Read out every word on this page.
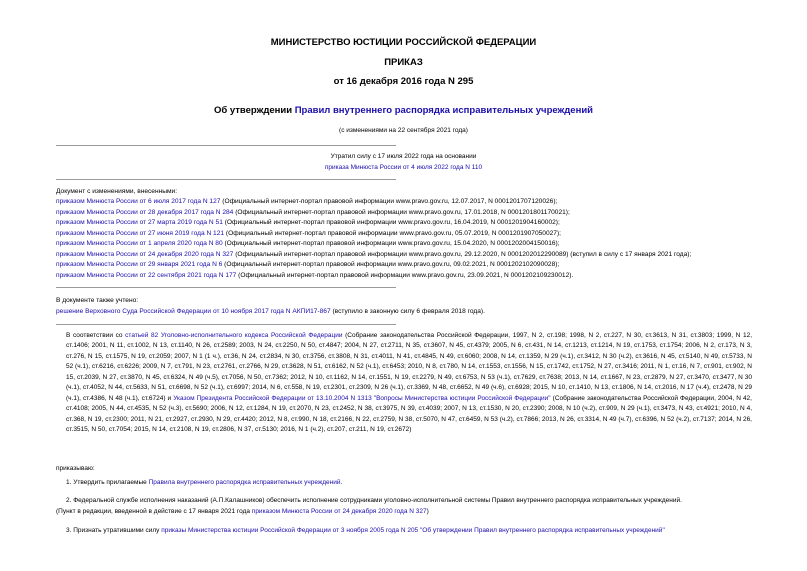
МИНИСТЕРСТВО ЮСТИЦИИ РОССИЙСКОЙ ФЕДЕРАЦИИ
ПРИКАЗ
от 16 декабря 2016 года N 295
Об утверждении Правил внутреннего распорядка исправительных учреждений
(с изменениями на 22 сентября 2021 года)
Утратил силу с 17 июля 2022 года на основании
приказа Минюста России от 4 июля 2022 года N 110
Документ с изменениями, внесенными:
приказом Минюста России от 6 июля 2017 года N 127 (Официальный интернет-портал правовой информации www.pravo.gov.ru, 12.07.2017, N 0001201707120026);
приказом Минюста России от 28 декабря 2017 года N 284 (Официальный интернет-портал правовой информации www.pravo.gov.ru, 17.01.2018, N 0001201801170021);
приказом Минюста России от 27 марта 2019 года N 51 (Официальный интернет-портал правовой информации www.pravo.gov.ru, 16.04.2019, N 0001201904160002);
приказом Минюста России от 27 июня 2019 года N 121 (Официальный интернет-портал правовой информации www.pravo.gov.ru, 05.07.2019, N 0001201907050027);
приказом Минюста России от 1 апреля 2020 года N 80 (Официальный интернет-портал правовой информации www.pravo.gov.ru, 15.04.2020, N 0001202004150016);
приказом Минюста России от 24 декабря 2020 года N 327 (Официальный интернет-портал правовой информации www.pravo.gov.ru, 29.12.2020, N 0001202012290089) (вступил в силу с 17 января 2021 года);
приказом Минюста России от 29 января 2021 года N 6 (Официальный интернет-портал правовой информации www.pravo.gov.ru, 09.02.2021, N 0001202102090028);
приказом Минюста России от 22 сентября 2021 года N 177 (Официальный интернет-портал правовой информации www.pravo.gov.ru, 23.09.2021, N 0001202109230012).
В документе также учтено:
решение Верховного Суда Российской Федерации от 10 ноября 2017 года N АКПИ17-867 (вступило в законную силу 6 февраля 2018 года).
В соответствии со статьей 82 Уголовно-исполнительного кодекса Российской Федерации (Собрание законодательства Российской Федерации, 1997, N 2, ст.198; 1998, N 2, ст.227, N 30, ст.3613, N 31, ст.3803; 1999, N 12, ст.1406; 2001, N 11, ст.1002, N 13, ст.1140, N 26, ст.2589; 2003, N 24, ст.2250, N 50, ст.4847; 2004, N 27, ст.2711, N 35, ст.3607, N 45, ст.4379; 2005, N 6, ст.431, N 14, ст.1213, ст.1214, N 19, ст.1753, ст.1754; 2006, N 2, ст.173, N 3, ст.276, N 15, ст.1575, N 19, ст.2059; 2007, N 1 (1 ч.), ст.36, N 24, ст.2834, N 30, ст.3756, ст.3808, N 31, ст.4011, N 41, ст.4845, N 49, ст.6060; 2008, N 14, ст.1359, N 29 (ч.1), ст.3412, N 30 (ч.2), ст.3616, N 45, ст.5140, N 49, ст.5733, N 52 (ч.1), ст.6216, ст.6226; 2009, N 7, ст.791, N 23, ст.2761, ст.2766, N 29, ст.3628, N 51, ст.6162, N 52 (ч.1), ст.6453; 2010, N 8, ст.780, N 14, ст.1553, ст.1556, N 15, ст.1742, ст.1752, N 27, ст.3416; 2011, N 1, ст.16, N 7, ст.901, ст.902, N 15, ст.2039, N 27, ст.3870, N 45, ст.6324, N 49 (ч.5), ст.7056, N 50, ст.7362; 2012, N 10, ст.1162, N 14, ст.1551, N 19, ст.2279, N 49, ст.6753, N 53 (ч.1), ст.7629, ст.7638; 2013, N 14, ст.1667, N 23, ст.2879, N 27, ст.3470, ст.3477, N 30 (ч.1), ст.4052, N 44, ст.5633, N 51, ст.6698, N 52 (ч.1), ст.6997; 2014, N 6, ст.558, N 19, ст.2301, ст.2309, N 26 (ч.1), ст.3369, N 48, ст.6652, N 49 (ч.6), ст.6928; 2015, N 10, ст.1410, N 13, ст.1806, N 14, ст.2016, N 17 (ч.4), ст.2478, N 29 (ч.1), ст.4386, N 48 (ч.1), ст.6724) и Указом Президента Российской Федерации от 13.10.2004 N 1313 "Вопросы Министерства юстиции Российской Федерации" (Собрание законодательства Российской Федерации, 2004, N 42, ст.4108; 2005, N 44, ст.4535, N 52 (ч.3), ст.5690; 2006, N 12, ст.1284, N 19, ст.2070, N 23, ст.2452, N 38, ст.3975, N 39, ст.4039; 2007, N 13, ст.1530, N 20, ст.2390; 2008, N 10 (ч.2), ст.909, N 29 (ч.1), ст.3473, N 43, ст.4921; 2010, N 4, ст.368, N 19, ст.2300; 2011, N 21, ст.2927, ст.2930, N 29, ст.4420; 2012, N 8, ст.990, N 18, ст.2166, N 22, ст.2759, N 38, ст.5070, N 47, ст.6459, N 53 (ч.2), ст.7866; 2013, N 26, ст.3314, N 49 (ч.7), ст.6396, N 52 (ч.2), ст.7137; 2014, N 26, ст.3515, N 50, ст.7054; 2015, N 14, ст.2108, N 19, ст.2806, N 37, ст.5130; 2016, N 1 (ч.2), ст.207, ст.211, N 19, ст.2672)
приказываю:
1. Утвердить прилагаемые Правила внутреннего распорядка исправительных учреждений.
2. Федеральной службе исполнения наказаний (А.П.Калашников) обеспечить исполнение сотрудниками уголовно-исполнительной системы Правил внутреннего распорядка исправительных учреждений.
(Пункт в редакции, введенной в действие с 17 января 2021 года приказом Минюста России от 24 декабря 2020 года N 327)
3. Признать утратившими силу приказы Министерства юстиции Российской Федерации от 3 ноября 2005 года N 205 "Об утверждении Правил внутреннего распорядка исправительных учреждений"
